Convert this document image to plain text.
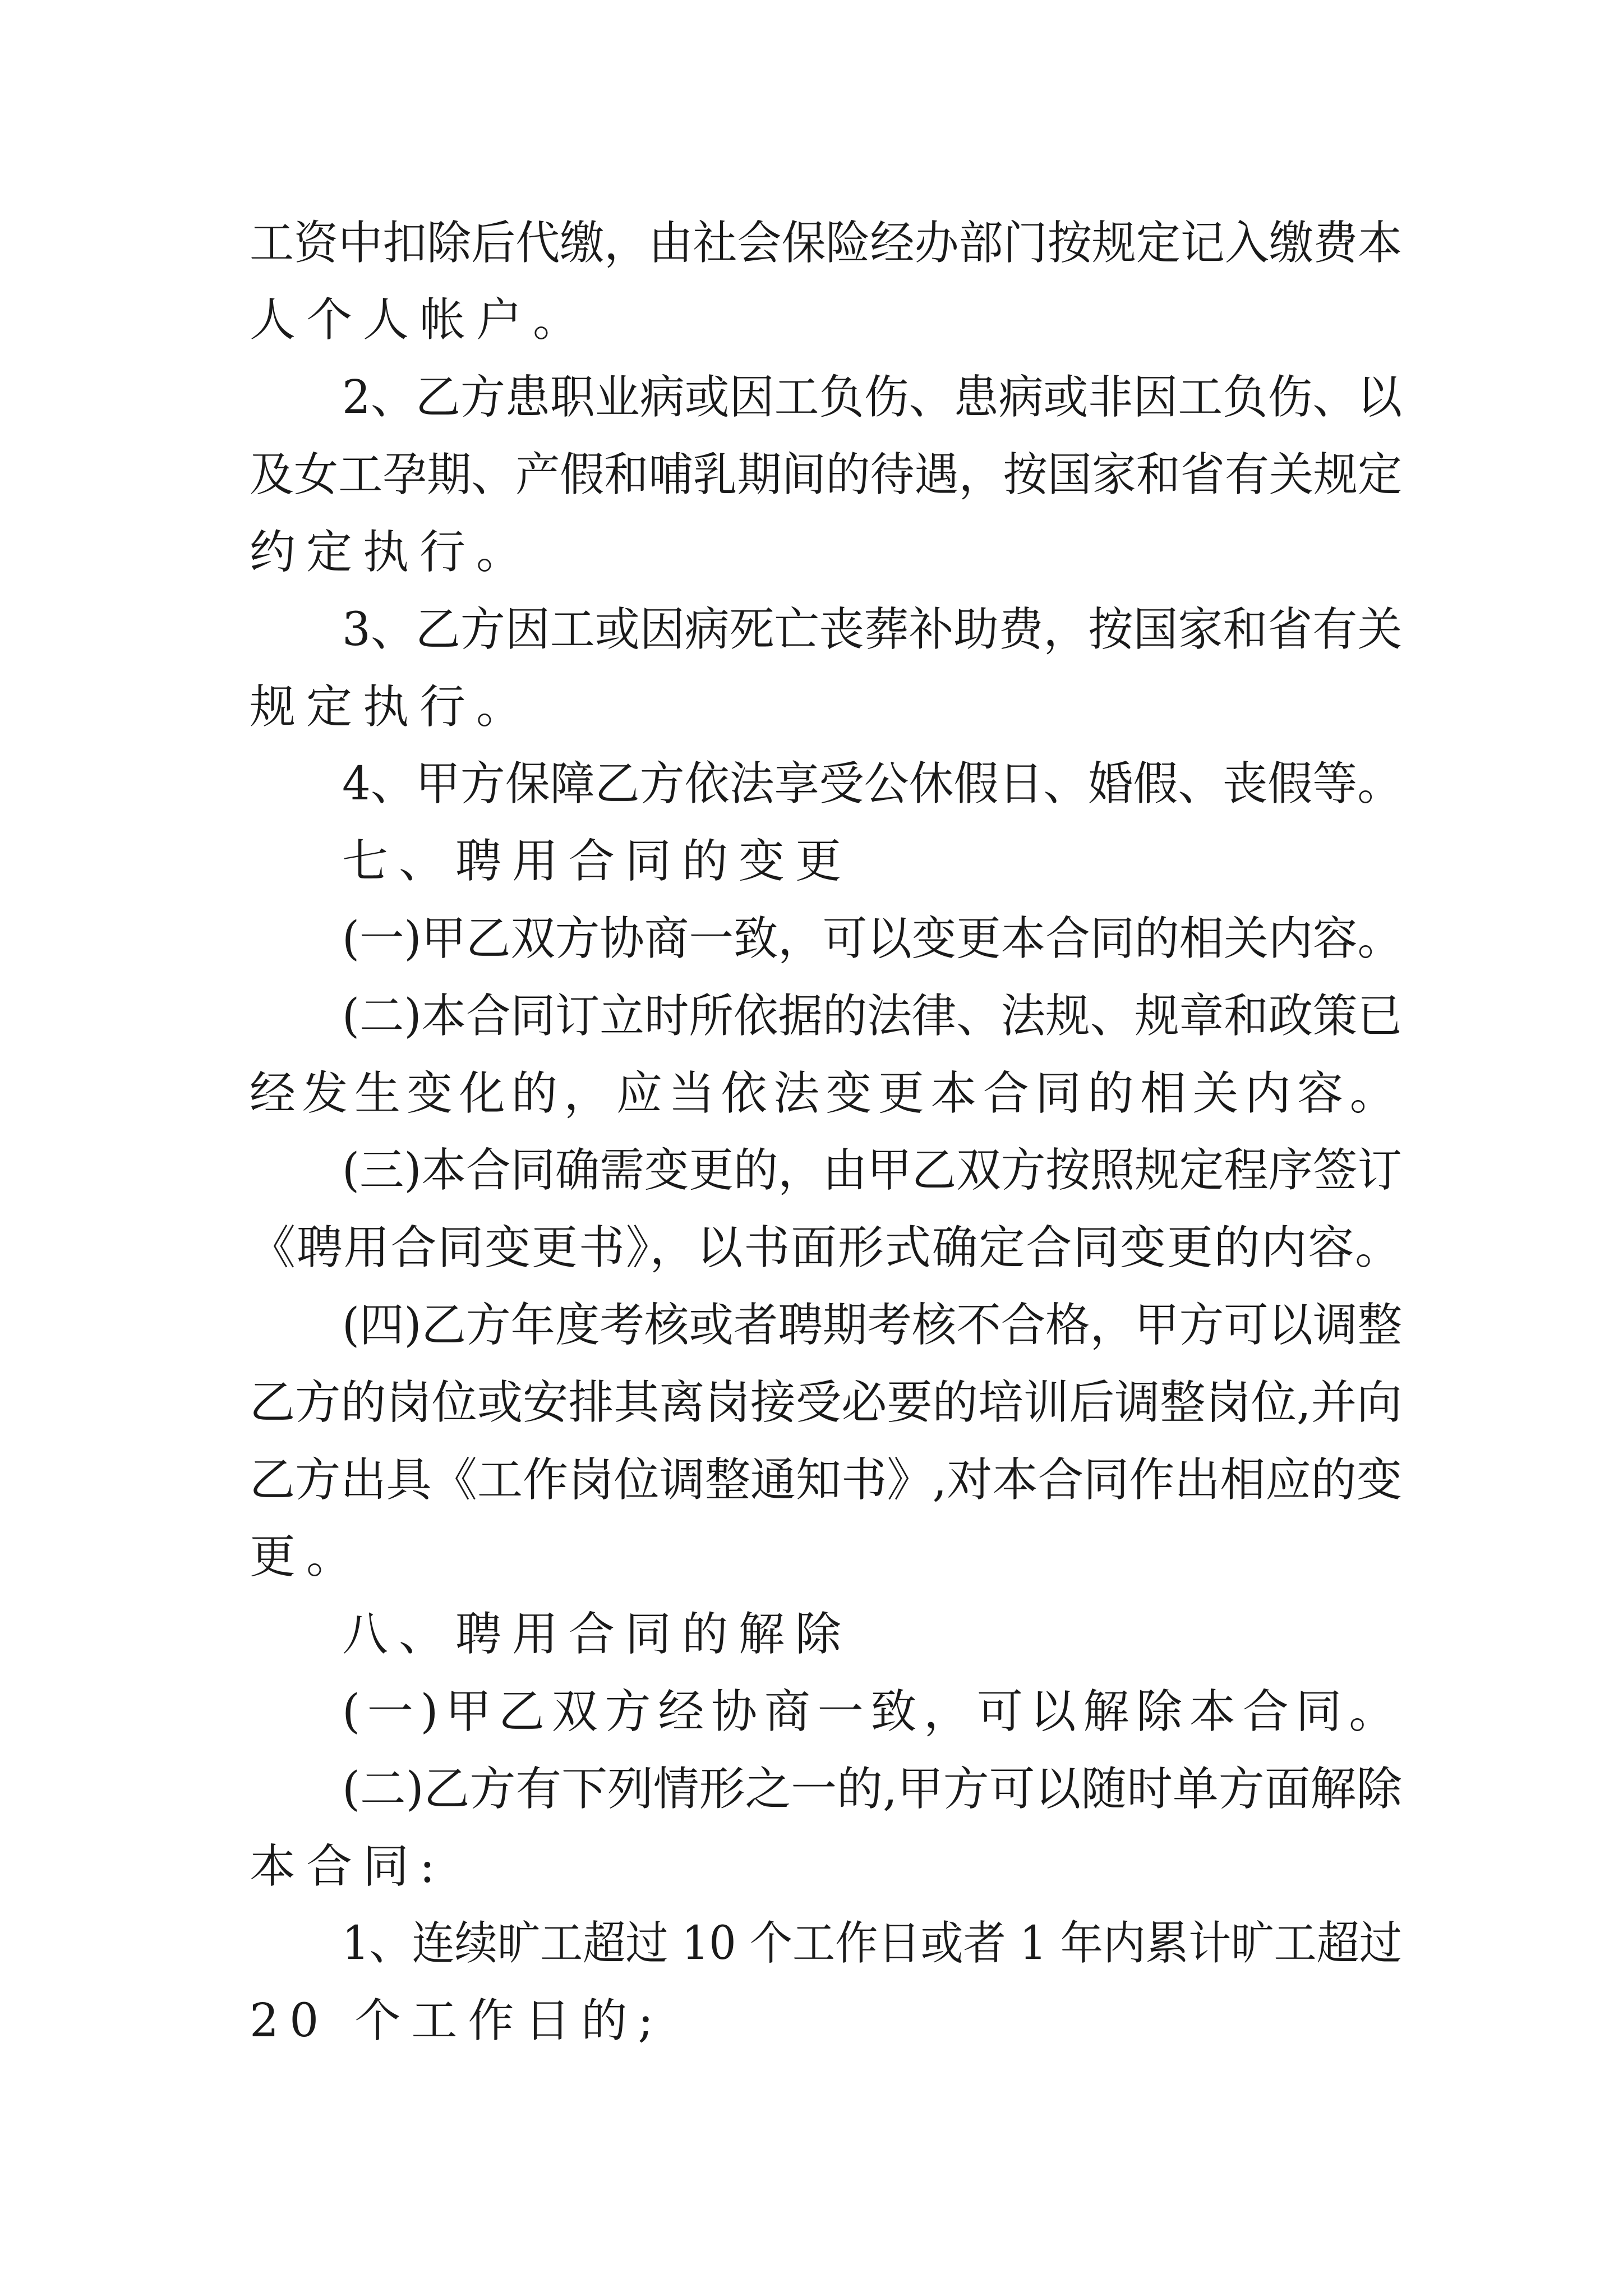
工资中扣除后代缴，由社会保险经办部门按规定记入缴费本

人个人帐户。

2、乙方患职业病或因工负伤、患病或非因工负伤、以

及女工孕期、产假和哺乳期间的待遇，按国家和省有关规定

约定执行。

3、乙方因工或因病死亡丧葬补助费，按国家和省有关

规定执行。

4、甲方保障乙方依法享受公休假日、婚假、丧假等。

七、聘用合同的变更

(一)甲乙双方协商一致，可以变更本合同的相关内容。

(二)本合同订立时所依据的法律、法规、规章和政策已

经发生变化的，应当依法变更本合同的相关内容。

(三)本合同确需变更的，由甲乙双方按照规定程序签订

《聘用合同变更书》，以书面形式确定合同变更的内容。

(四)乙方年度考核或者聘期考核不合格，甲方可以调整

乙方的岗位或安排其离岗接受必要的培训后调整岗位,并向

乙方出具《工作岗位调整通知书》,对本合同作出相应的变

更。

八、聘用合同的解除

(一)甲乙双方经协商一致，可以解除本合同。

(二)乙方有下列情形之一的,甲方可以随时单方面解除

本合同:

1、连续旷工超过 10 个工作日或者 1 年内累计旷工超过

20 个工作日的;
